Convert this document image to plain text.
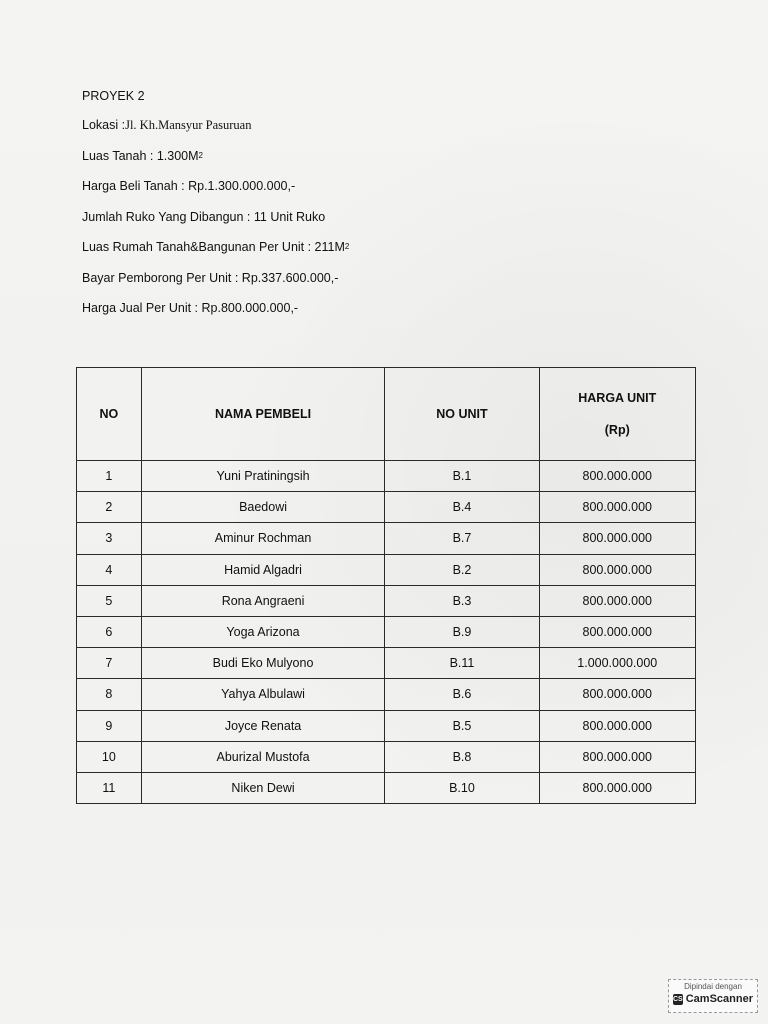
PROYEK 2
Lokasi : Jl. Kh.Mansyur Pasuruan
Luas Tanah : 1.300M 2
Harga Beli Tanah : Rp.1.300.000.000,-
Jumlah Ruko Yang Dibangun : 11 Unit Ruko
Luas Rumah Tanah&Bangunan Per Unit : 211M 2
Bayar Pemborong Per Unit : Rp.337.600.000,-
Harga Jual Per Unit : Rp.800.000.000,-
NO	NAMA PEMBELI	NO UNIT	HARGA UNIT
(Rp)

1	Yuni Pratiningsih	B.1	800.000.000
2	Baedowi	B.4	800.000.000
3	Aminur Rochman	B.7	800.000.000
4	Hamid Algadri	B.2	800.000.000
5	Rona Angraeni	B.3	800.000.000
6	Yoga Arizona	B.9	800.000.000
7	Budi Eko Mulyono	B.11	1.000.000.000
8	Yahya Albulawi	B.6	800.000.000
9	Joyce Renata	B.5	800.000.000
10	Aburizal Mustofa	B.8	800.000.000
11	Niken Dewi	B.10	800.000.000
Dipindai dengan
CS CamScanner
